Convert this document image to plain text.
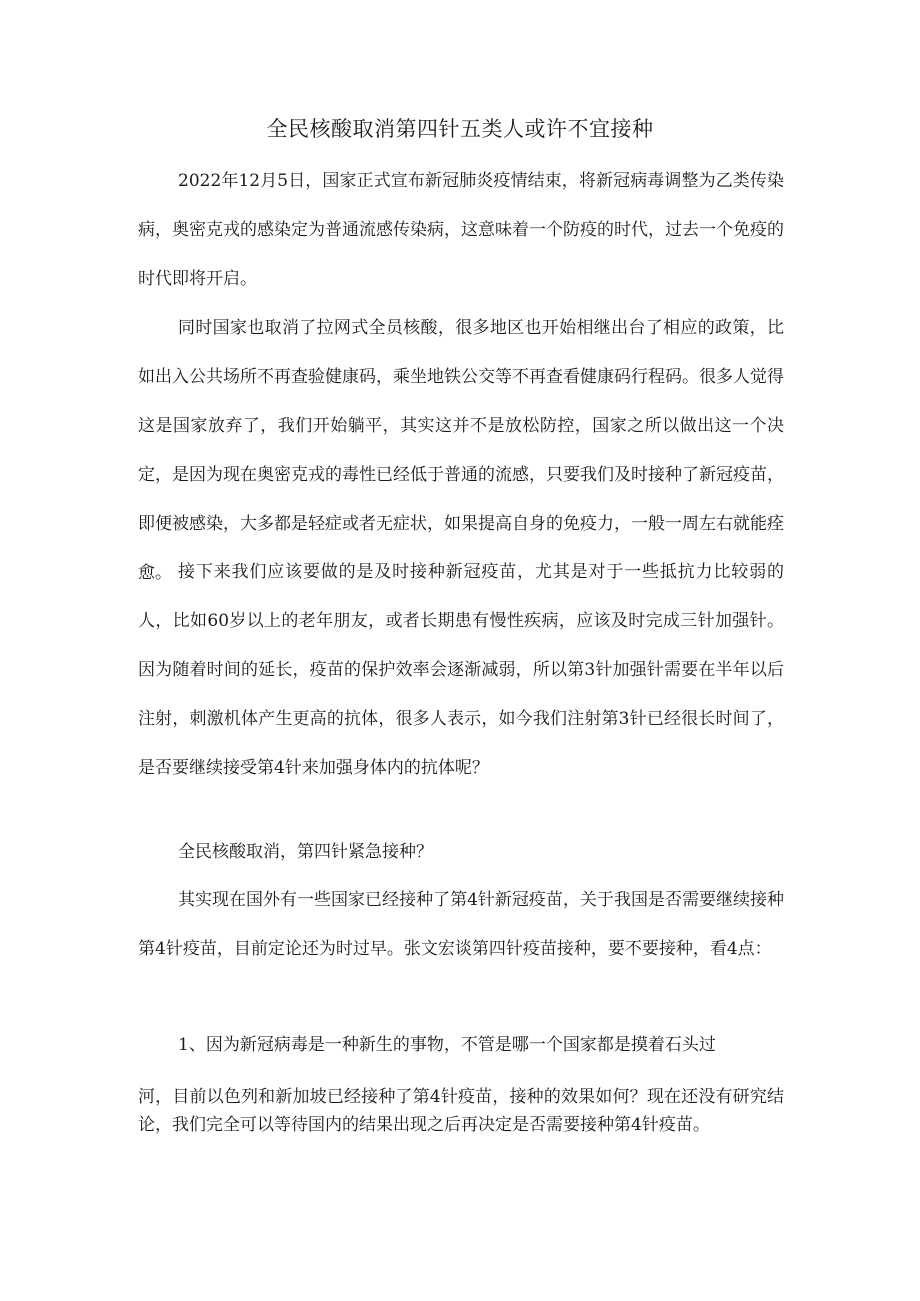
全民核酸取消第四针五类人或许不宜接种

2022年12月5日，国家正式宣布新冠肺炎疫情结束，将新冠病毒调整为乙类传染病，奥密克戎的感染定为普通流感传染病，这意味着一个防疫的时代，过去一个免疫的时代即将开启。

同时国家也取消了拉网式全员核酸，很多地区也开始相继出台了相应的政策，比如出入公共场所不再查验健康码，乘坐地铁公交等不再查看健康码行程码。很多人觉得这是国家放弃了，我们开始躺平，其实这并不是放松防控，国家之所以做出这一个决定，是因为现在奥密克戎的毒性已经低于普通的流感，只要我们及时接种了新冠疫苗，即便被感染，大多都是轻症或者无症状，如果提高自身的免疫力，一般一周左右就能痊愈。 接下来我们应该要做的是及时接种新冠疫苗，尤其是对于一些抵抗力比较弱的人，比如60岁以上的老年朋友，或者长期患有慢性疾病，应该及时完成三针加强针。因为随着时间的延长，疫苗的保护效率会逐渐减弱，所以第3针加强针需要在半年以后注射，刺激机体产生更高的抗体，很多人表示，如今我们注射第3针已经很长时间了，是否要继续接受第4针来加强身体内的抗体呢？

全民核酸取消，第四针紧急接种？

其实现在国外有一些国家已经接种了第4针新冠疫苗，关于我国是否需要继续接种第4针疫苗，目前定论还为时过早。张文宏谈第四针疫苗接种，要不要接种，看4点：

1、因为新冠病毒是一种新生的事物，不管是哪一个国家都是摸着石头过

河，目前以色列和新加坡已经接种了第4针疫苗，接种的效果如何？现在还没有研究结论，我们完全可以等待国内的结果出现之后再决定是否需要接种第4针疫苗。
